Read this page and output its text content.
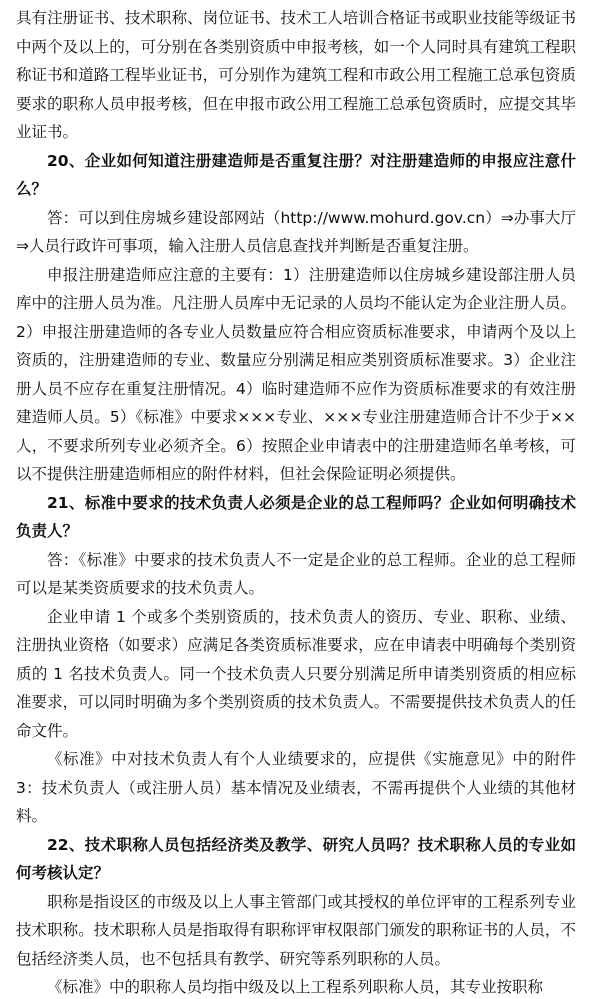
具有注册证书、技术职称、岗位证书、技术工人培训合格证书或职业技能等级证书中两个及以上的，可分别在各类别资质中申报考核，如一个人同时具有建筑工程职称证书和道路工程毕业证书，可分别作为建筑工程和市政公用工程施工总承包资质要求的职称人员申报考核，但在申报市政公用工程施工总承包资质时，应提交其毕业证书。

20、企业如何知道注册建造师是否重复注册？对注册建造师的申报应注意什么？

答：可以到住房城乡建设部网站（http://www.mohurd.gov.cn）⇒办事大厅⇒人员行政许可事项，输入注册人员信息查找并判断是否重复注册。

申报注册建造师应注意的主要有：1）注册建造师以住房城乡建设部注册人员库中的注册人员为准。凡注册人员库中无记录的人员均不能认定为企业注册人员。2）申报注册建造师的各专业人员数量应符合相应资质标准要求，申请两个及以上资质的，注册建造师的专业、数量应分别满足相应类别资质标准要求。3）企业注册人员不应存在重复注册情况。4）临时建造师不应作为资质标准要求的有效注册建造师人员。5）《标准》中要求×××专业、×××专业注册建造师合计不少于××人，不要求所列专业必须齐全。6）按照企业申请表中的注册建造师名单考核，可以不提供注册建造师相应的附件材料，但社会保险证明必须提供。

21、标准中要求的技术负责人必须是企业的总工程师吗？企业如何明确技术负责人？

答：《标准》中要求的技术负责人不一定是企业的总工程师。企业的总工程师可以是某类资质要求的技术负责人。

企业申请 1 个或多个类别资质的，技术负责人的资历、专业、职称、业绩、注册执业资格（如要求）应满足各类资质标准要求，应在申请表中明确每个类别资质的 1 名技术负责人。同一个技术负责人只要分别满足所申请类别资质的相应标准要求，可以同时明确为多个类别资质的技术负责人。不需要提供技术负责人的任命文件。

《标准》中对技术负责人有个人业绩要求的，应提供《实施意见》中的附件 3：技术负责人（或注册人员）基本情况及业绩表，不需再提供个人业绩的其他材料。

22、技术职称人员包括经济类及教学、研究人员吗？技术职称人员的专业如何考核认定？

职称是指设区的市级及以上人事主管部门或其授权的单位评审的工程系列专业技术职称。技术职称人员是指取得有职称评审权限部门颁发的职称证书的人员，不包括经济类人员，也不包括具有教学、研究等系列职称的人员。

《标准》中的职称人员均指中级及以上工程系列职称人员，其专业按职称
